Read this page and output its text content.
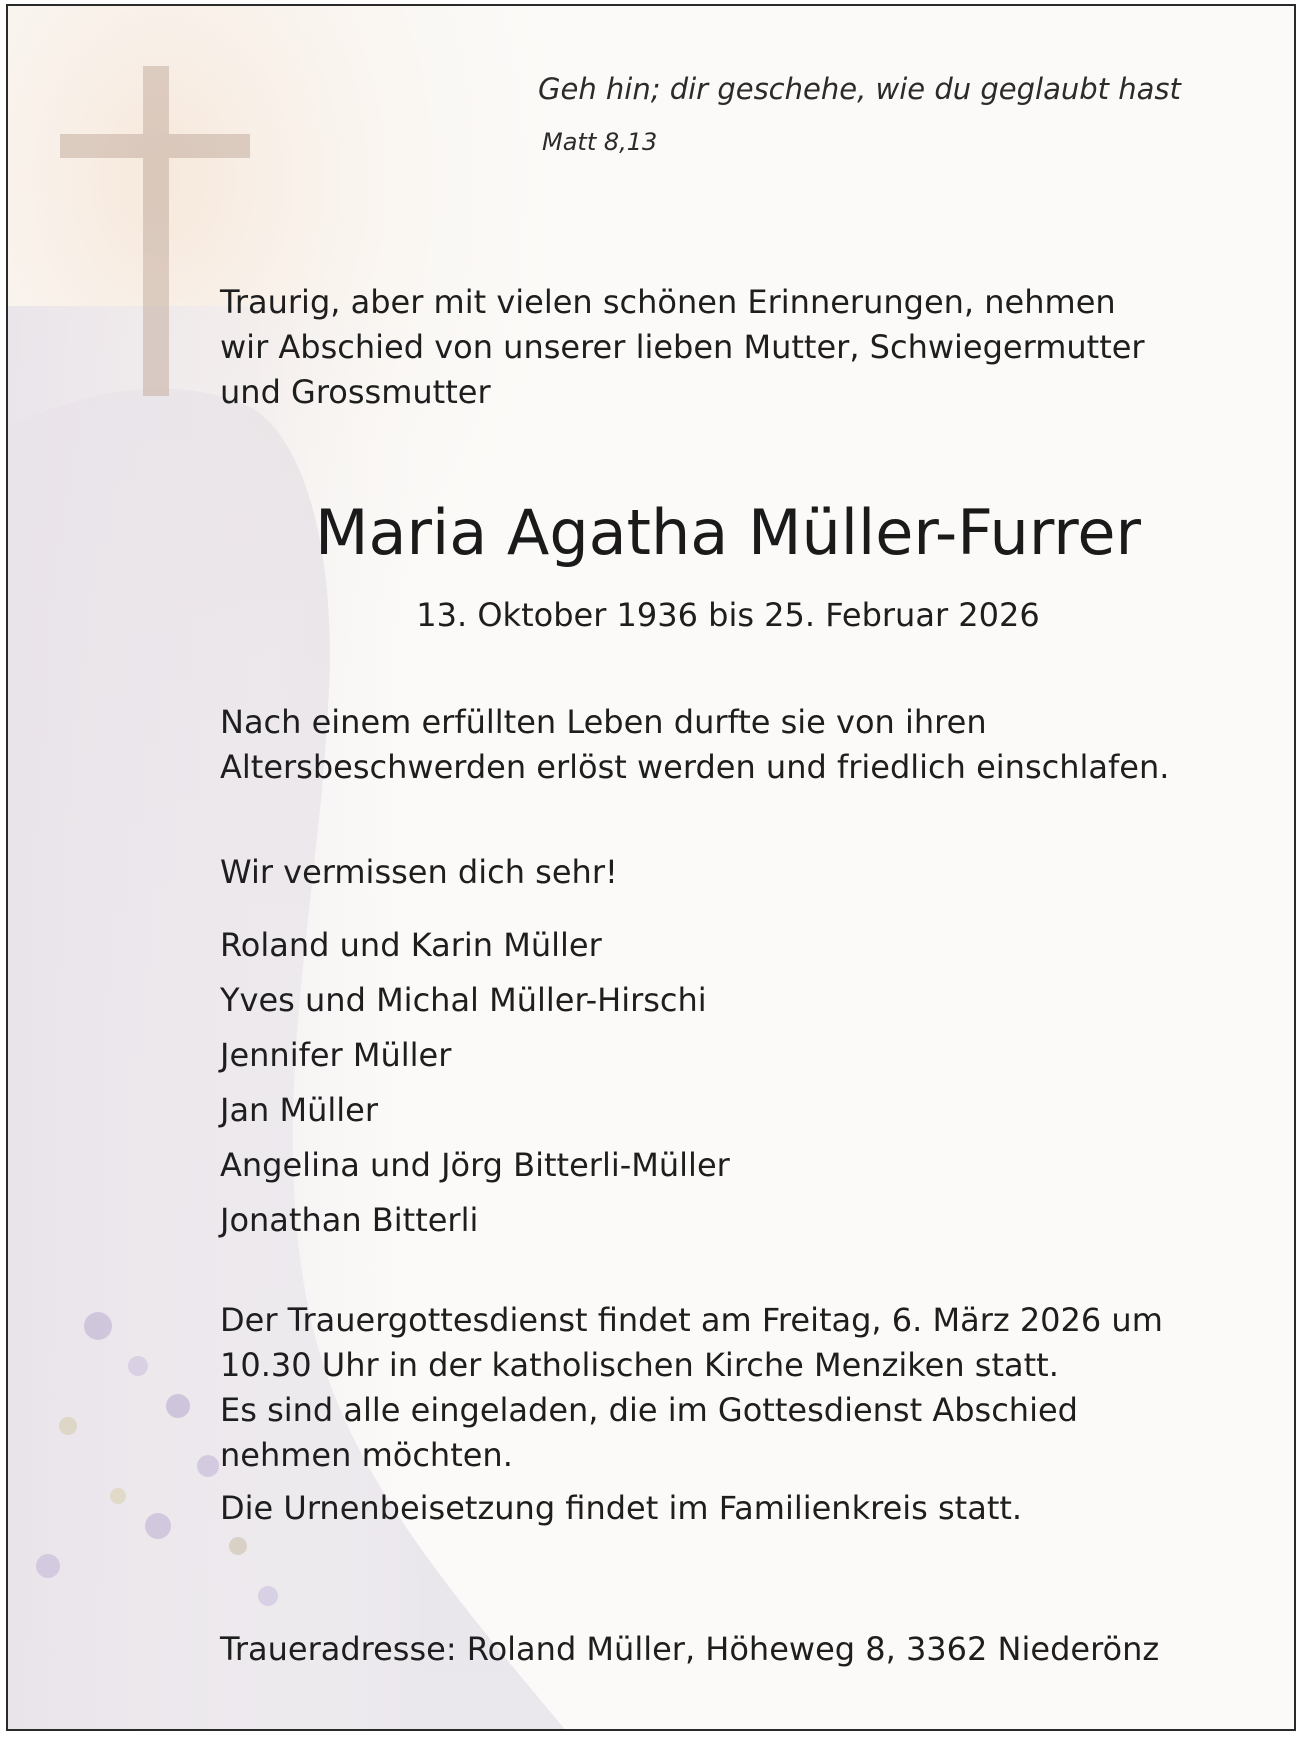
Geh hin; dir geschehe, wie du geglaubt hast

Matt 8,13

Traurig, aber mit vielen schönen Erinnerungen, nehmen
wir Abschied von unserer lieben Mutter, Schwiegermutter
und Grossmutter

Maria Agatha Müller-Furrer

13. Oktober 1936 bis 25. Februar 2026

Nach einem erfüllten Leben durfte sie von ihren
Altersbeschwerden erlöst werden und friedlich einschlafen.
Wir vermissen dich sehr!
Roland und Karin Müller
Yves und Michal Müller-Hirschi
Jennifer Müller
Jan Müller
Angelina und Jörg Bitterli-Müller
Jonathan Bitterli
Der Trauergottesdienst findet am Freitag, 6. März 2026 um
10.30 Uhr in der katholischen Kirche Menziken statt.
Es sind alle eingeladen, die im Gottesdienst Abschied
nehmen möchten.
Die Urnenbeisetzung findet im Familienkreis statt.
Traueradresse: Roland Müller, Höheweg 8, 3362 Niederönz
